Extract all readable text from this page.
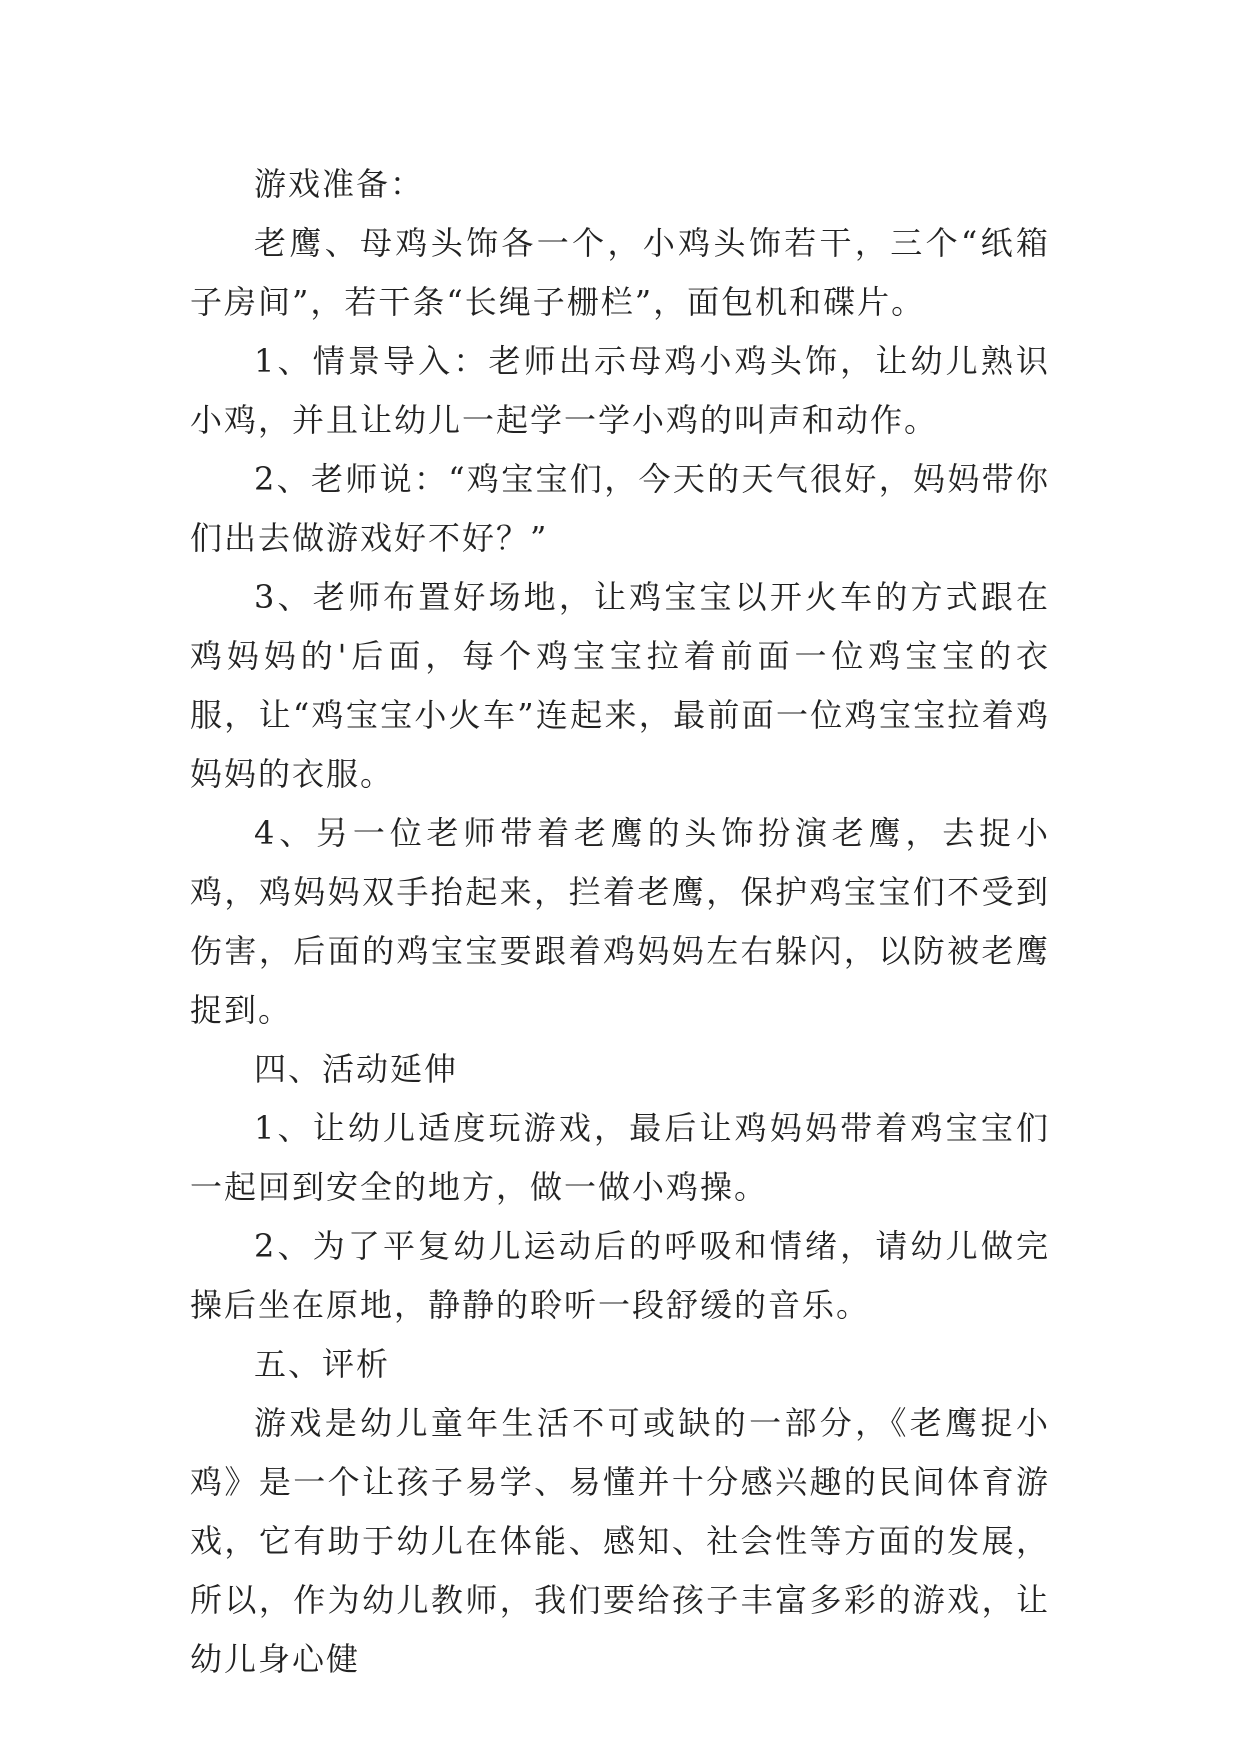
游戏准备：

老鹰、母鸡头饰各一个，小鸡头饰若干，三个“纸箱子房间”，若干条“长绳子栅栏”，面包机和碟片。

1、情景导入：老师出示母鸡小鸡头饰，让幼儿熟识小鸡，并且让幼儿一起学一学小鸡的叫声和动作。

2、老师说：“鸡宝宝们，今天的天气很好，妈妈带你们出去做游戏好不好？”

3、老师布置好场地，让鸡宝宝以开火车的方式跟在鸡妈妈的'后面，每个鸡宝宝拉着前面一位鸡宝宝的衣服，让“鸡宝宝小火车”连起来，最前面一位鸡宝宝拉着鸡妈妈的衣服。

4、另一位老师带着老鹰的头饰扮演老鹰，去捉小鸡，鸡妈妈双手抬起来，拦着老鹰，保护鸡宝宝们不受到伤害，后面的鸡宝宝要跟着鸡妈妈左右躲闪，以防被老鹰捉到。

四、活动延伸

1、让幼儿适度玩游戏，最后让鸡妈妈带着鸡宝宝们一起回到安全的地方，做一做小鸡操。

2、为了平复幼儿运动后的呼吸和情绪，请幼儿做完操后坐在原地，静静的聆听一段舒缓的音乐。

五、评析

游戏是幼儿童年生活不可或缺的一部分，《老鹰捉小鸡》是一个让孩子易学、易懂并十分感兴趣的民间体育游戏，它有助于幼儿在体能、感知、社会性等方面的发展，所以，作为幼儿教师，我们要给孩子丰富多彩的游戏，让幼儿身心健
